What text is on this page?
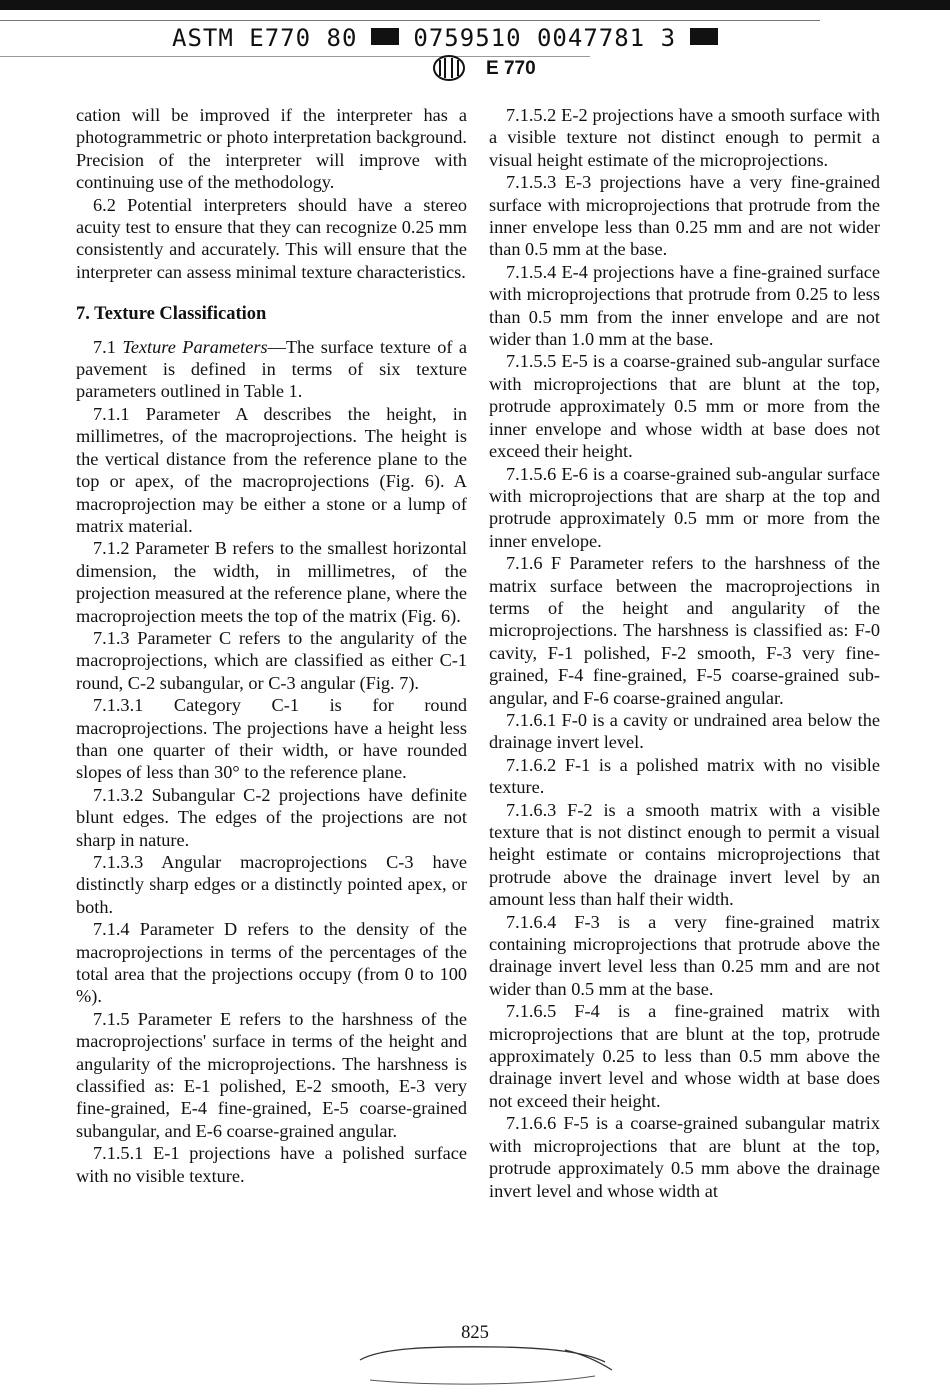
ASTM E770 80 0759510 0047781 3
E 770

cation will be improved if the interpreter has a photogrammetric or photo interpretation background. Precision of the interpreter will improve with continuing use of the methodology.

6.2 Potential interpreters should have a stereo acuity test to ensure that they can recognize 0.25 mm consistently and accurately. This will ensure that the interpreter can assess minimal texture characteristics.

7. Texture Classification

7.1 Texture Parameters—The surface texture of a pavement is defined in terms of six texture parameters outlined in Table 1.

7.1.1 Parameter A describes the height, in millimetres, of the macroprojections. The height is the vertical distance from the reference plane to the top or apex, of the macroprojections (Fig. 6). A macroprojection may be either a stone or a lump of matrix material.

7.1.2 Parameter B refers to the smallest horizontal dimension, the width, in millimetres, of the projection measured at the reference plane, where the macroprojection meets the top of the matrix (Fig. 6).

7.1.3 Parameter C refers to the angularity of the macroprojections, which are classified as either C-1 round, C-2 subangular, or C-3 angular (Fig. 7).

7.1.3.1 Category C-1 is for round macroprojections. The projections have a height less than one quarter of their width, or have rounded slopes of less than 30° to the reference plane.

7.1.3.2 Subangular C-2 projections have definite blunt edges. The edges of the projections are not sharp in nature.

7.1.3.3 Angular macroprojections C-3 have distinctly sharp edges or a distinctly pointed apex, or both.

7.1.4 Parameter D refers to the density of the macroprojections in terms of the percentages of the total area that the projections occupy (from 0 to 100 %).

7.1.5 Parameter E refers to the harshness of the macroprojections' surface in terms of the height and angularity of the microprojections. The harshness is classified as: E-1 polished, E-2 smooth, E-3 very fine-grained, E-4 fine-grained, E-5 coarse-grained subangular, and E-6 coarse-grained angular.

7.1.5.1 E-1 projections have a polished surface with no visible texture.

7.1.5.2 E-2 projections have a smooth surface with a visible texture not distinct enough to permit a visual height estimate of the microprojections.

7.1.5.3 E-3 projections have a very fine-grained surface with microprojections that protrude from the inner envelope less than 0.25 mm and are not wider than 0.5 mm at the base.

7.1.5.4 E-4 projections have a fine-grained surface with microprojections that protrude from 0.25 to less than 0.5 mm from the inner envelope and are not wider than 1.0 mm at the base.

7.1.5.5 E-5 is a coarse-grained sub-angular surface with microprojections that are blunt at the top, protrude approximately 0.5 mm or more from the inner envelope and whose width at base does not exceed their height.

7.1.5.6 E-6 is a coarse-grained sub-angular surface with microprojections that are sharp at the top and protrude approximately 0.5 mm or more from the inner envelope.

7.1.6 F Parameter refers to the harshness of the matrix surface between the macroprojections in terms of the height and angularity of the microprojections. The harshness is classified as: F-0 cavity, F-1 polished, F-2 smooth, F-3 very fine-grained, F-4 fine-grained, F-5 coarse-grained sub-angular, and F-6 coarse-grained angular.

7.1.6.1 F-0 is a cavity or undrained area below the drainage invert level.

7.1.6.2 F-1 is a polished matrix with no visible texture.

7.1.6.3 F-2 is a smooth matrix with a visible texture that is not distinct enough to permit a visual height estimate or contains microprojections that protrude above the drainage invert level by an amount less than half their width.

7.1.6.4 F-3 is a very fine-grained matrix containing microprojections that protrude above the drainage invert level less than 0.25 mm and are not wider than 0.5 mm at the base.

7.1.6.5 F-4 is a fine-grained matrix with microprojections that are blunt at the top, protrude approximately 0.25 to less than 0.5 mm above the drainage invert level and whose width at base does not exceed their height.

7.1.6.6 F-5 is a coarse-grained subangular matrix with microprojections that are blunt at the top, protrude approximately 0.5 mm above the drainage invert level and whose width at

825
